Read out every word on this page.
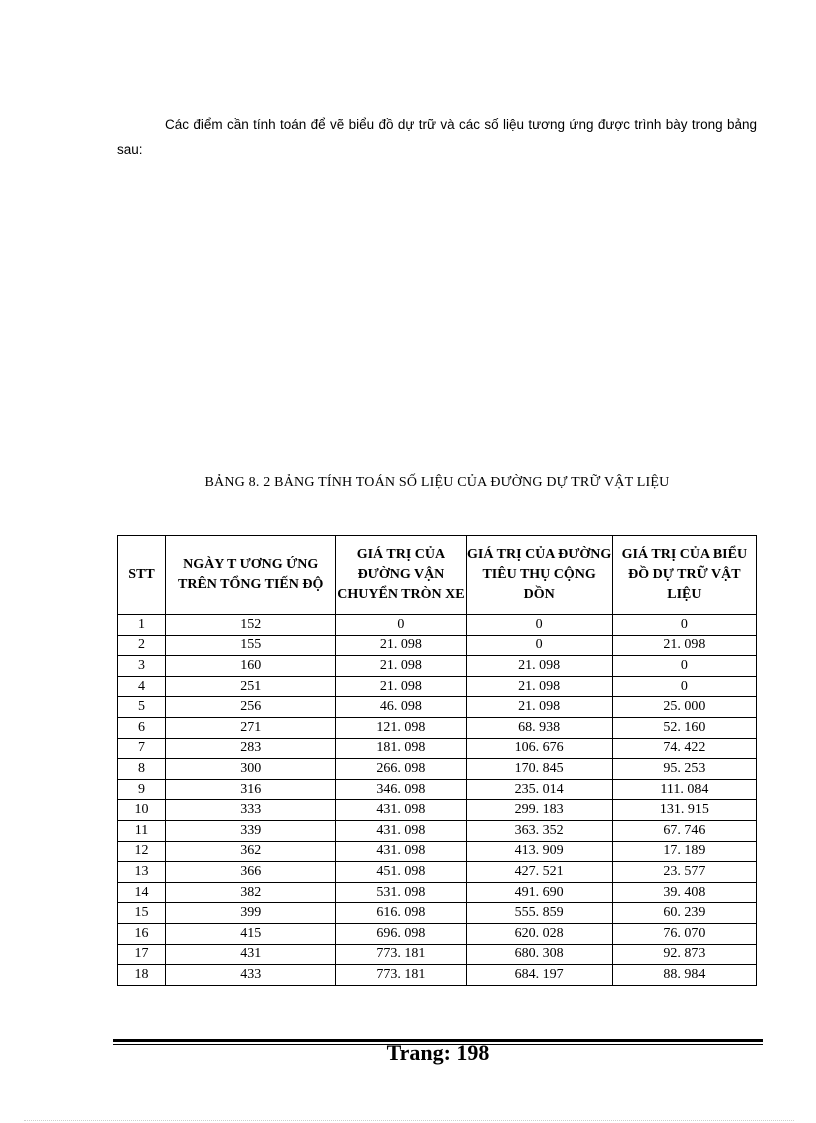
Các điểm cần tính toán để vẽ biểu đồ dự trữ và các số liệu tương ứng được trình bày trong bảng sau:

BẢNG 8. 2 BẢNG TÍNH TOÁN SỐ LIỆU CỦA ĐƯỜNG DỰ TRỮ VẬT LIỆU
STT	NGÀY T ƯƠNG ỨNG TRÊN TỔNG TIẾN ĐỘ	GIÁ TRỊ CỦA ĐƯỜNG VẬN CHUYỂN TRÒN XE	GIÁ TRỊ CỦA ĐƯỜNG TIÊU THỤ CỘNG DỒN	GIÁ TRỊ CỦA BIỂU ĐỒ DỰ TRỮ VẬT LIỆU
1	152	0	0	0
2	155	21. 098	0	21. 098
3	160	21. 098	21. 098	0
4	251	21. 098	21. 098	0
5	256	46. 098	21. 098	25. 000
6	271	121. 098	68. 938	52. 160
7	283	181. 098	106. 676	74. 422
8	300	266. 098	170. 845	95. 253
9	316	346. 098	235. 014	111. 084
10	333	431. 098	299. 183	131. 915
11	339	431. 098	363. 352	67. 746
12	362	431. 098	413. 909	17. 189
13	366	451. 098	427. 521	23. 577
14	382	531. 098	491. 690	39. 408
15	399	616. 098	555. 859	60. 239
16	415	696. 098	620. 028	76. 070
17	431	773. 181	680. 308	92. 873
18	433	773. 181	684. 197	88. 984
Trang: 198
